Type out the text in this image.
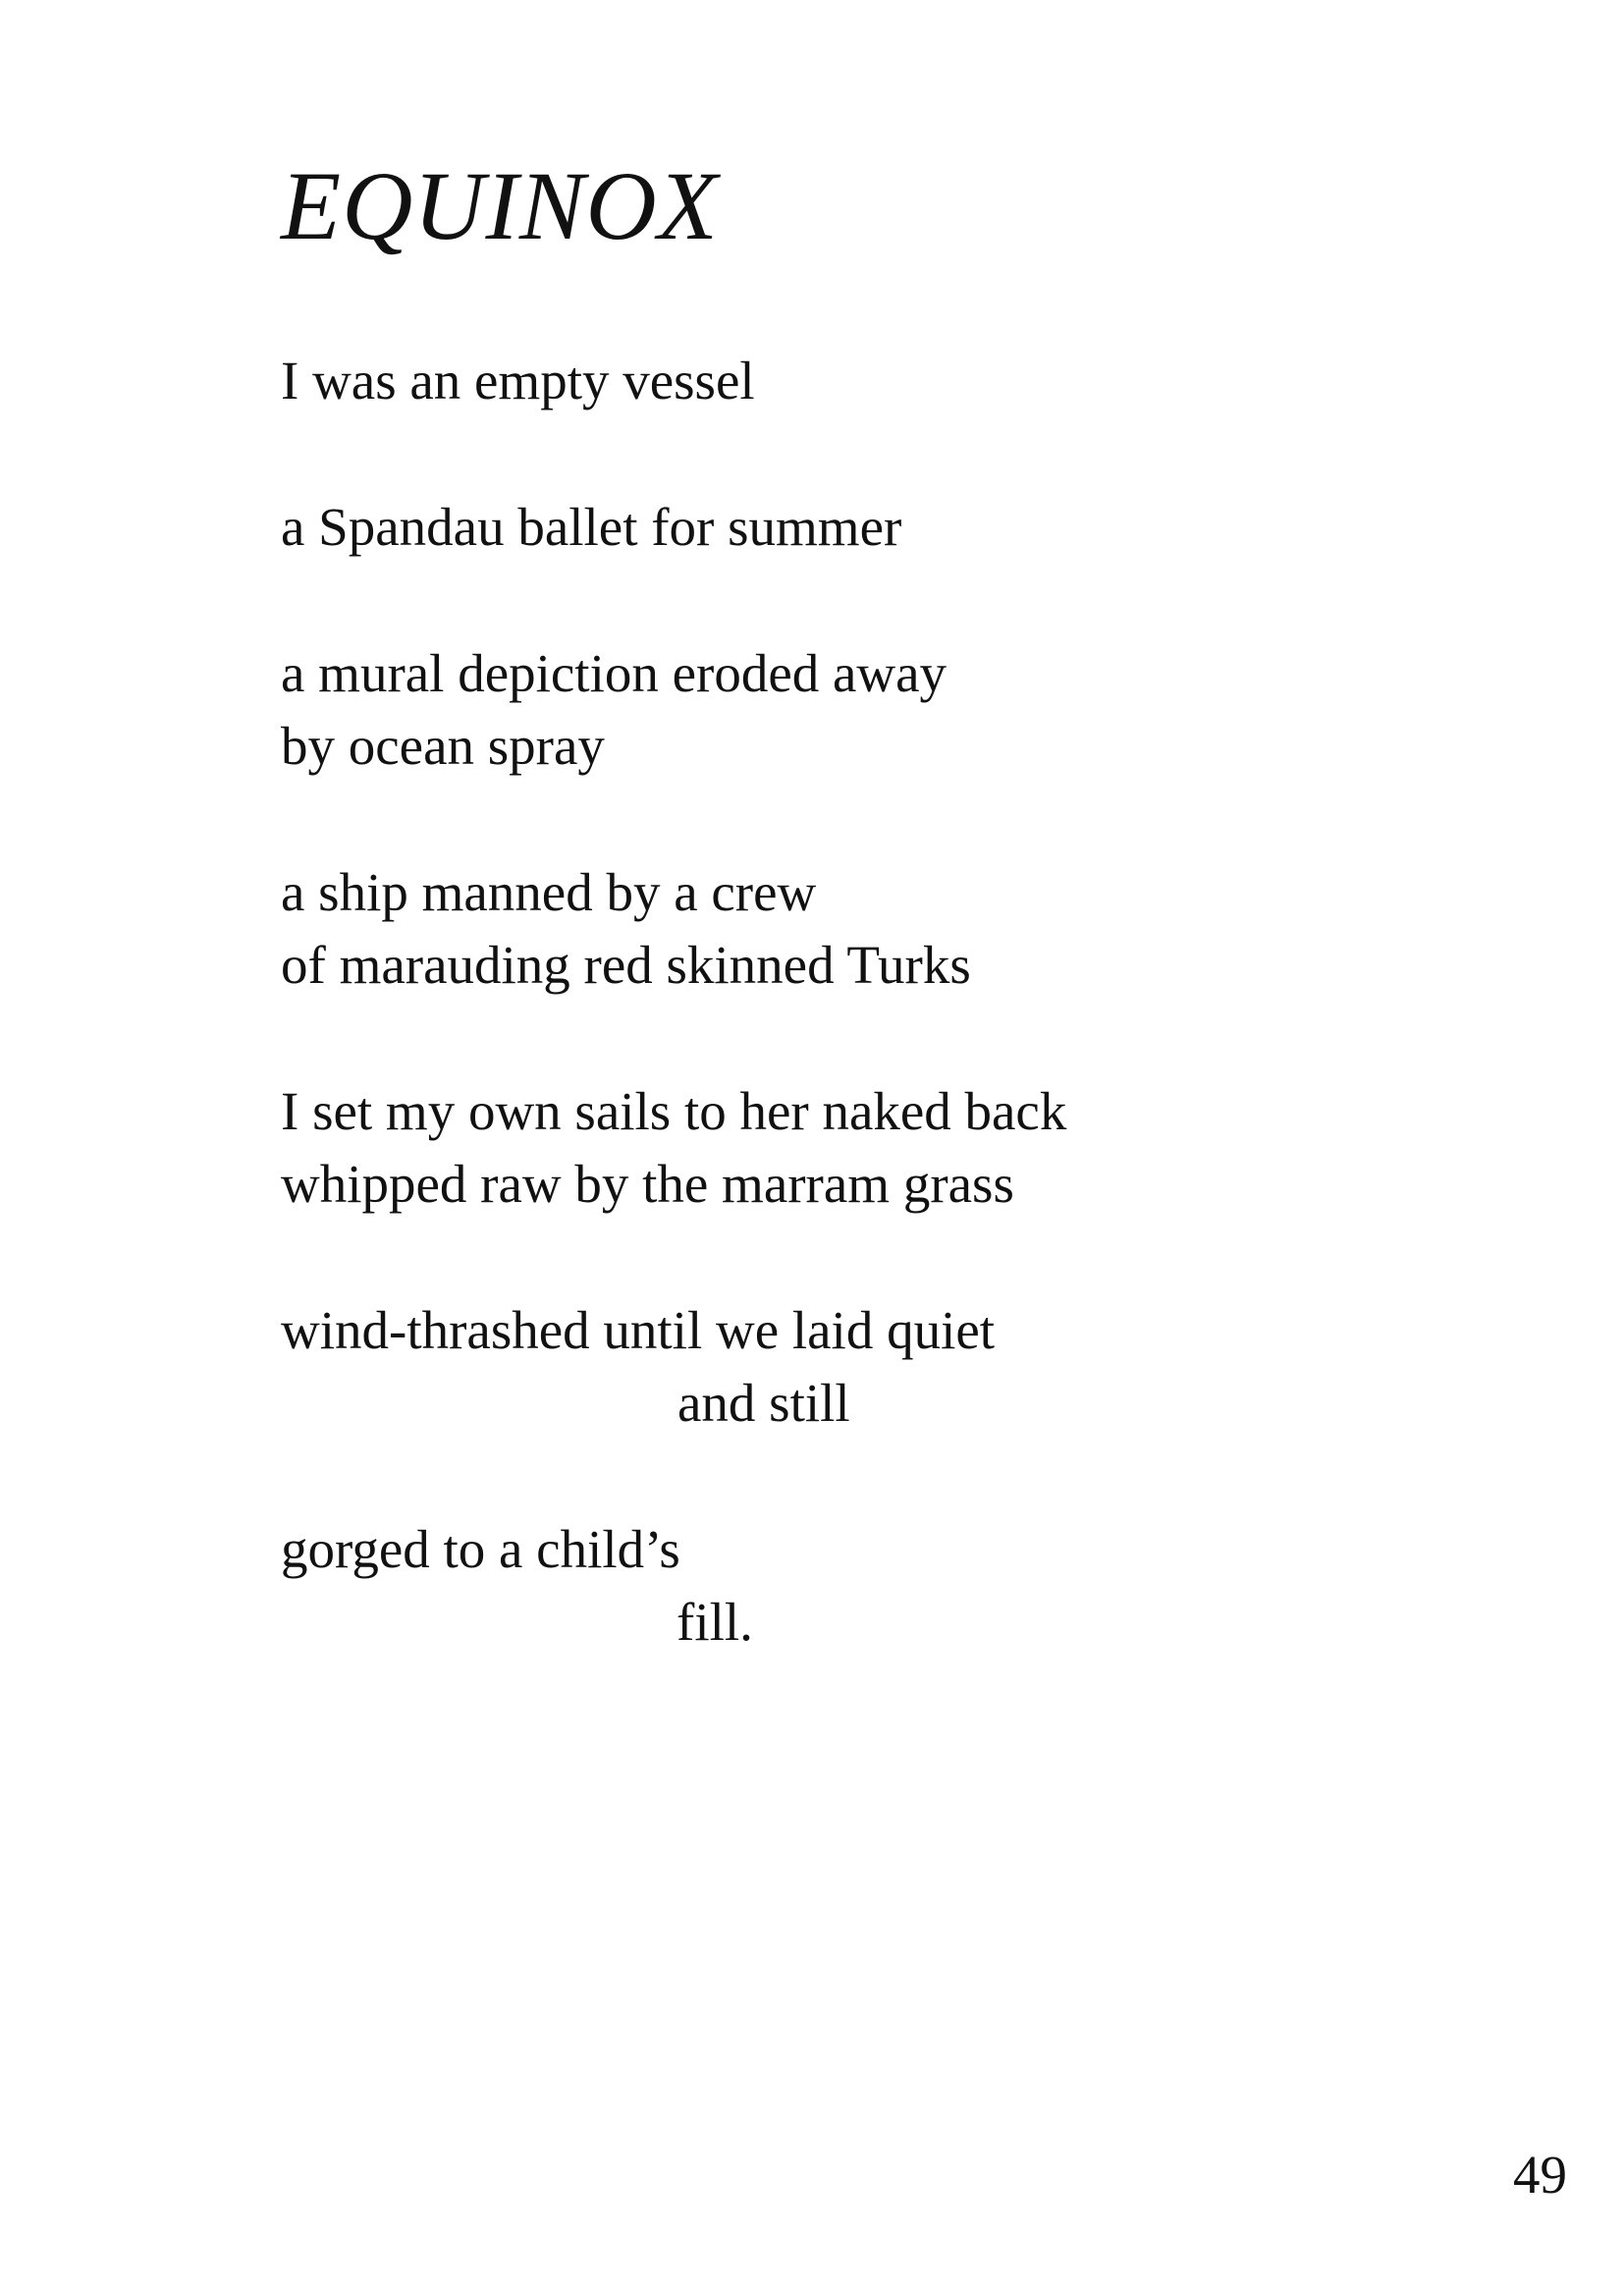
EQUINOX
I was an empty vessel
a Spandau ballet for summer
a mural depiction eroded away
by ocean spray
a ship manned by a crew
of marauding red skinned Turks
I set my own sails to her naked back
whipped raw by the marram grass
wind-thrashed until we laid quiet
and still
gorged to a child’s
fill.
49
